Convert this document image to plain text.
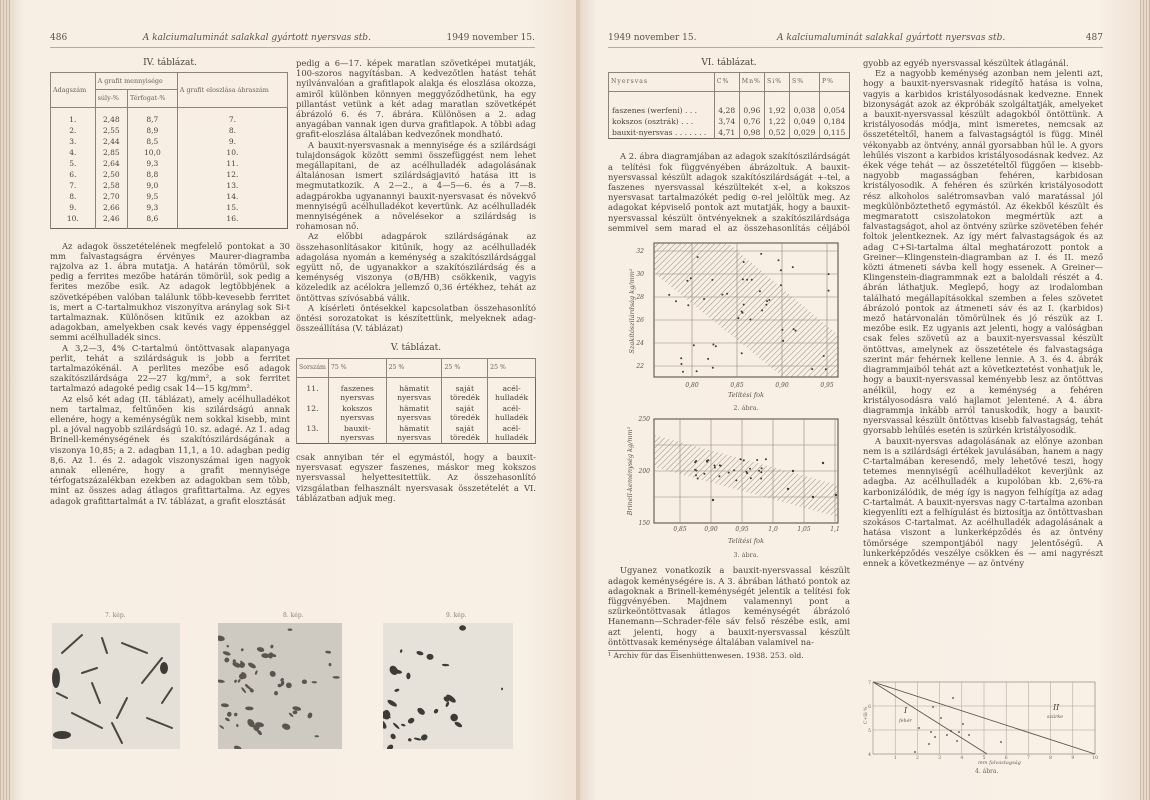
486	A kalciumaluminát salakkal gyártott nyersvas stb.	1949 november 15.
IV. táblázat.
Adagszám	A grafit mennyisége	A grafit eloszlása ábraszám
súly-%	Térfogat-%
1.	2,48	8,7	7.
2.	2,55	8,9	8.
3.	2,44	8,5	9.
4.	2,85	10,0	10.
5.	2,64	9,3	11.
6.	2,50	8,8	12.
7.	2,58	9,0	13.
8.	2,70	9,5	14.
9.	2,66	9,3	15.
10.	2,46	8,6	16.

Az adagok összetételének megfelelő pontokat a 30 mm falvastagságra érvényes Maurer-diagramba rajzolva az 1. ábra mutatja. A határán tömörül, sok pedig a ferrites mezőbe határán tömörül, sok pedig a ferites mezőbe esik. Az adagok legtöbbjének a szövetképében valóban találunk több-kevesebb ferritet is, mert a C-tartalmukhoz viszonyítva aránylag sok Si-t tartalmaznak. Különösen kitűnik ez azokban az adagokban, amelyekben csak kevés vagy éppenséggel semmi acélhulladék sincs.

A 3,2—3, 4% C-tartalmú öntöttvasak alapanyaga perlit, tehát a szilárdságuk is jobb a ferritet tartalmazókénál. A perlites mezőbe eső adagok szakítószilárdsága 22—27 kg/mm², a sok ferritet tartalmazó adagoké pedig csak 14—15 kg/mm².

Az első két adag (II. táblázat), amely acélhulladékot nem tartalmaz, feltűnően kis szilárdságú annak ellenére, hogy a keménységük nem sokkal kisebb, mint pl. a jóval nagyobb szilárdságú 10. sz. adagé. Az 1. adag Brinell-keménységének és szakítószilárdságának a viszonya 10,85; a 2. adagban 11,1, a 10. adagban pedig 8,6. Az 1. és 2. adagok viszonyszámai igen nagyok annak ellenére, hogy a grafit mennyisége térfogatszázalékban ezekben az adagokban sem több, mint az összes adag átlagos grafittartalma. Az egyes adagok grafittartalmát a IV. táblázat, a grafit elosztását

pedig a 6—17. képek maratlan szövetképei mutatják, 100-szoros nagyításban. A kedvezőtlen hatást tehát nyilvánvalóan a grafitlapok alakja és eloszlása okozza, amiről különben könnyen meggyőződhetünk, ha egy pillantást vetünk a két adag maratlan szövetképét ábrázoló 6. és 7. ábrára. Különösen a 2. adag anyagában vannak igen durva grafitlapok. A többi adag grafit-eloszlása általában kedvezőnek mondható.

A bauxit-nyersvasnak a mennyisége és a szilárdsági tulajdonságok között semmi összefüggést nem lehet megállapitani, de az acélhulladék adagolásának általánosan ismert szilárdságjavitó hatása itt is megmutatkozik. A 2—2., a 4—5—6. és a 7—8. adagpárokba ugyanannyi bauxit-nyersvasat és növekvő mennyiségű acélhulladékot kevertünk. Az acélhulladék mennyiségének a növelésekor a szilárdság is rohamosan nő.

Az előbbi adagpárok szilárdságának az összehasonlításakor kitűnik, hogy az acélhulladék adagolása nyomán a keménység a szakítószilárdsággal együtt nő, de ugyanakkor a szakítószilárdság és a keménység viszonya (σB/HB) csökkenik, vagyis közeledik az acélokra jellemző 0,36 értékhez, tehát az öntöttvas szívósabbá válik.

A kísérleti öntésekkel kapcsolatban összehasonlító öntési sorozatokat is készítettünk, melyeknek adag-összeállítása (V. táblázat)

V. táblázat.
Sorszám	75 %	25 %	25 %	25 %
11.	faszenes nyersvas	hämatit nyersvas	saját töredék	acél-hulladék
12.	kokszos nyersvas	hämatit nyersvas	saját töredék	acél-hulladék
13.	bauxit-nyersvas	hämatit nyersvas	saját töredék	acél-hulladék

csak annyiban tér el egymástól, hogy a bauxit-nyersvasat egyszer faszenes, máskor meg kokszos nyersvassal helyettesitettük. Az összehasonlító vizsgálatban felhasznált nyersvasak összetételét a VI. táblázatban adjuk meg.

7. kép.	8. kép.	9. kép.
1949 november 15.	A kalciumaluminát salakkal gyártott nyersvas stb.	487
VI. táblázat.
Nyersvas	C%	Mn%	Si%	S%	P%
faszenes (werfeni) . . .	4,28	0,96	1,92	0,038	0,054
kokszos (osztrák) . . .	3,74	0,76	1,22	0,049	0,184
bauxit-nyersvas . . . . . . .	4,71	0,98	0,52	0,029	0,115

A 2. ábra diagramjában az adagok szakítószilárdságát a telítési fok függvényében ábrázoltuk. A bauxit-nyersvassal készült adagok szakítószilárdságát +-tel, a faszenes nyersvassal készültekét x-el, a kokszos nyersvasat tartalmazókét pedig ⊙-rel jelöltük meg. Az adagokat képviselő pontok azt mutatják, hogy a bauxit-nyersvassal készült öntvényeknek a szakítószilárdsága semmivel sem marad el az összehasonlítás céljából

32
30
28
26
24
22
0,80	0,85	0,90	0,95
Szakítószilárdság kg/mm²
Telítési fok
2. ábra.
250
200
150
0,85	0,90	0,95	1,0	1,05	1,1
Brinell-keménység kg/mm²
Telítési fok
3. ábra.

Ugyanez vonatkozik a bauxit-nyersvassal készült adagok keménységére is. A 3. ábrában látható pontok az adagoknak a Brinell-keménységét jelentik a telítési fok függvényében. Majdnem valamennyi pont a szürkeöntöttvasak átlagos keménységét ábrázoló Hanemann—Schrader-féle sáv felső részébe esik, ami azt jelenti, hogy a bauxit-nyersvassal készült öntöttvasak keménysége általában valamivel na-

¹ Archiv für das Eisenhüttenwesen. 1938. 253. old.

gyobb az egyéb nyersvassal készültek átlagánál.

Ez a nagyobb keménység azonban nem jelenti azt, hogy a bauxit-nyersvasnak ridegítő hatása is volna, vagyis a karbidos kristályosodásnak kedvezne. Ennek bizonyságát azok az ékpróbák szolgáltatják, amelyeket a bauxit-nyersvassal készült adagokból öntöttünk. A kristályosodás módja, mint ismeretes, nemcsak az összetételtől, hanem a falvastagságtól is függ. Minél vékonyabb az öntvény, annál gyorsabban hűl le. A gyors lehűlés viszont a karbidos kristályosodásnak kedvez. Az ékek vége tehát — az összetételtől függően — kisebb-nagyobb magasságban fehéren, karbidosan kristályosodik. A fehéren és szürkén kristályosodott rész alkoholos salétromsavban való maratással jól megkülönböztethető egymástól. Az ékekből készült és megmaratott csiszolatokon megmértük azt a falvastagságot, ahol az öntvény szürke szövetében fehér foltok jelentkeznek. Az így mért falvastagságok és az adag C+Si-tartalma által meghatározott pontok a Greiner—Klingenstein-diagramban az I. és II. mező közti átmeneti sávba kell hogy essenek. A Greiner—Klingenstein-diagrammnak ezt a baloldali részét a 4. ábrán láthatjuk. Meglepő, hogy az irodalomban található megállapításokkal szemben a feles szövetet ábrázoló pontok az átmeneti sáv és az I. (karbidos) mező határvonalán tömörülnek és jó részük az I. mezőbe esik. Ez ugyanis azt jelenti, hogy a valóságban csak feles szövetű az a bauxit-nyersvassal készült öntöttvas, amelynek az összetétele és falvastagsága szerint már fehérnek kellene lennie. A 3. és 4. ábrák diagrammjaiból tehát azt a következtetést vonhatjuk le, hogy a bauxit-nyersvassal keményebb lesz az öntöttvas anélkül, hogy ez a keménység a fehéren kristályosodásra való hajlamot jelentené. A 4. ábra diagrammja inkább arról tanuskodik, hogy a bauxit-nyersvassal készült öntöttvas kisebb falvastagság, tehát gyorsabb lehűlés esetén is szürkén kristályosodik.

A bauxit-nyersvas adagolásának az előnye azonban nem is a szilárdsági értékek javulásában, hanem a nagy C-tartalmában keresendő, mely lehetővé teszi, hogy tetemes mennyiségű acélhulladékot keverjünk az adagba. Az acélhulladék a kupolóban kb. 2,6%-ra karbonizálódik, de még így is nagyon felhígítja az adag C-tartalmát. A bauxit-nyersvas nagy C-tartalma azonban kiegyenlíti ezt a felhígulást és biztosítja az öntöttvasban szokásos C-tartalmat. Az acélhulladék adagolásának a hatása viszont a lunkerképződés és az öntvény tömörsége szempontjából nagy jelentőségű. A lunkerképződés veszélye csökken és — ami nagyrészt ennek a következménye — az öntvény

1	2	3	4	5	6	7	8	9	10
7
6
5
4
I
fehér
II
szürke
C+Si %
mm falvastagság
4. ábra.
